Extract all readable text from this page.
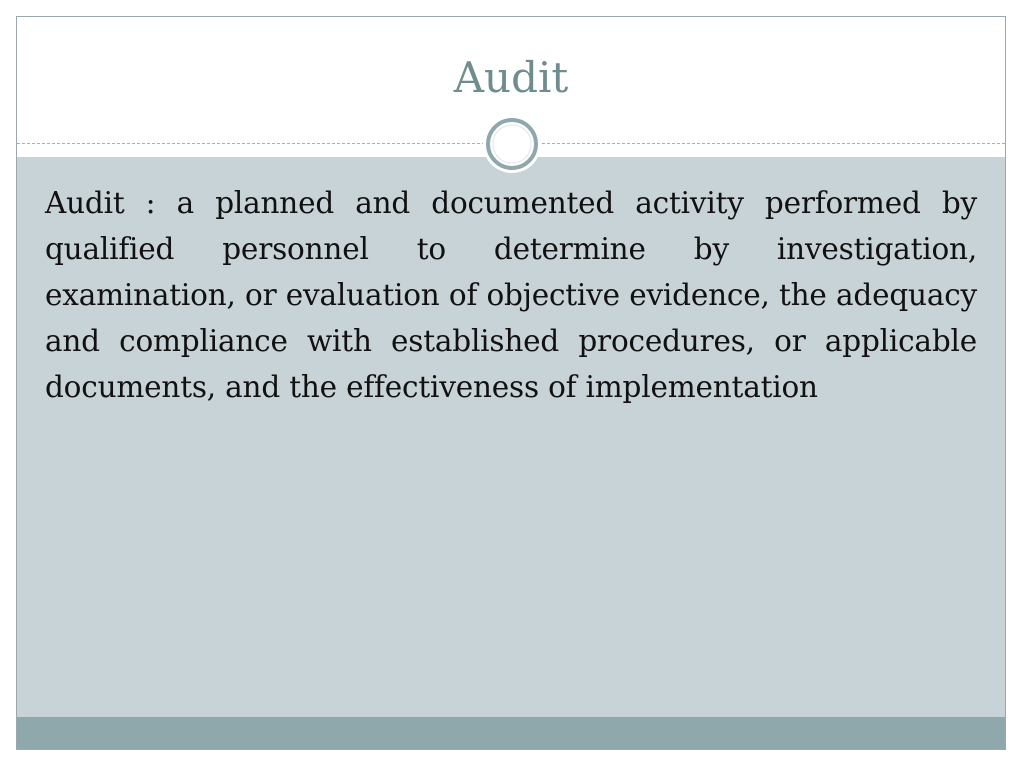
Audit

Audit : a planned and documented activity performed by qualified personnel to determine by investigation, examination, or evaluation of objective evidence, the adequacy and compliance with established procedures, or applicable documents, and the effectiveness of implementation
